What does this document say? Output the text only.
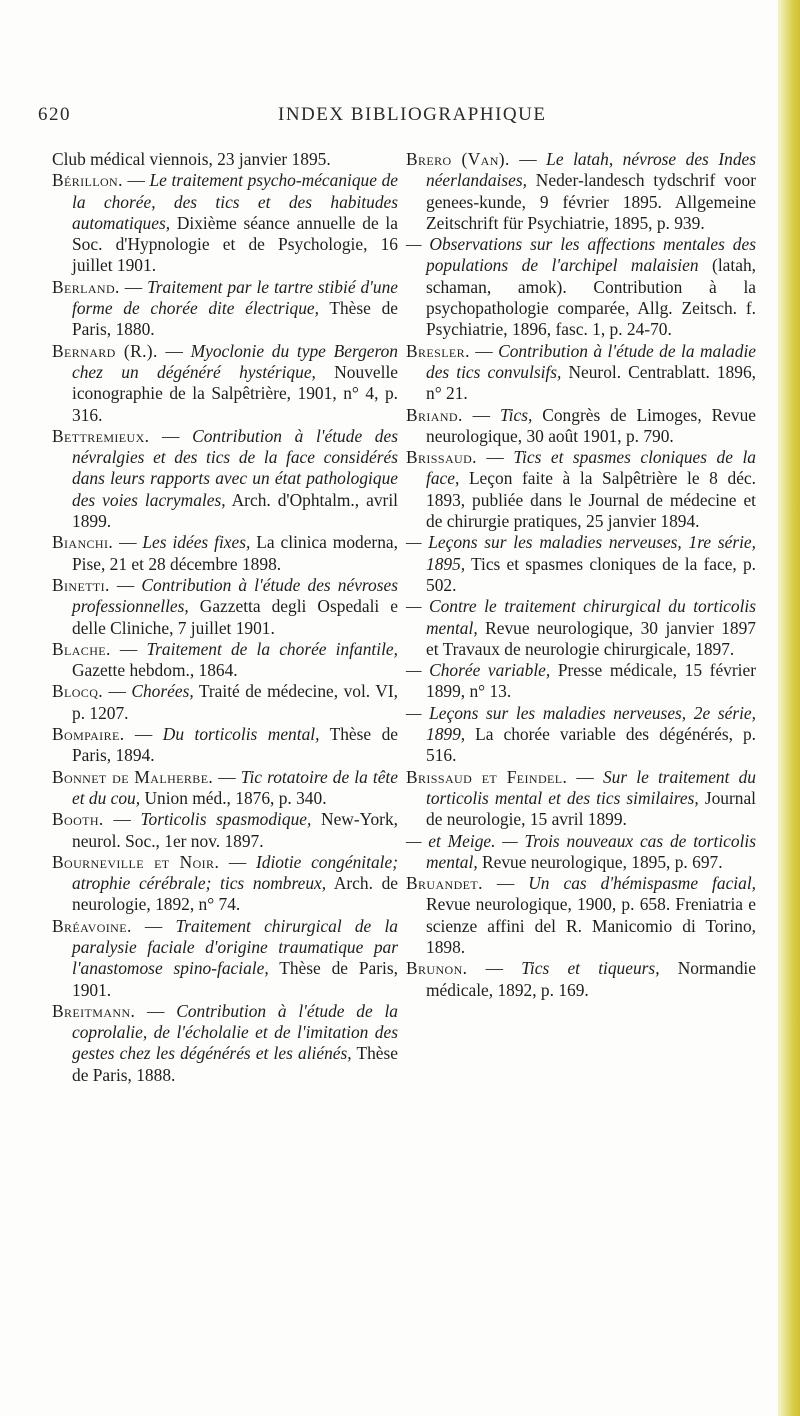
620	INDEX BIBLIOGRAPHIQUE

Club médical viennois, 23 janvier 1895.

Bérillon. — Le traitement psycho-mécanique de la chorée, des tics et des habitudes automatiques, Dixième séance annuelle de la Soc. d'Hypnologie et de Psychologie, 16 juillet 1901.

Berland. — Traitement par le tartre stibié d'une forme de chorée dite électrique, Thèse de Paris, 1880.

Bernard (R.). — Myoclonie du type Bergeron chez un dégénéré hystérique, Nouvelle iconographie de la Salpêtrière, 1901, n° 4, p. 316.

Bettremieux. — Contribution à l'étude des névralgies et des tics de la face considérés dans leurs rapports avec un état pathologique des voies lacrymales, Arch. d'Ophtalm., avril 1899.

Bianchi. — Les idées fixes, La clinica moderna, Pise, 21 et 28 décembre 1898.

Binetti. — Contribution à l'étude des névroses professionnelles, Gazzetta degli Ospedali e delle Cliniche, 7 juillet 1901.

Blache. — Traitement de la chorée infantile, Gazette hebdom., 1864.

Blocq. — Chorées, Traité de médecine, vol. VI, p. 1207.

Bompaire. — Du torticolis mental, Thèse de Paris, 1894.

Bonnet de Malherbe. — Tic rotatoire de la tête et du cou, Union méd., 1876, p. 340.

Booth. — Torticolis spasmodique, New-York, neurol. Soc., 1er nov. 1897.

Bourneville et Noir. — Idiotie congénitale; atrophie cérébrale; tics nombreux, Arch. de neurologie, 1892, n° 74.

Bréavoine. — Traitement chirurgical de la paralysie faciale d'origine traumatique par l'anastomose spino-faciale, Thèse de Paris, 1901.

Breitmann. — Contribution à l'étude de la coprolalie, de l'écholalie et de l'imitation des gestes chez les dégénérés et les aliénés, Thèse de Paris, 1888.

Brero (Van). — Le latah, névrose des Indes néerlandaises, Neder-landesch tydschrif voor genees-kunde, 9 février 1895. Allgemeine Zeitschrift für Psychiatrie, 1895, p. 939.

— Observations sur les affections mentales des populations de l'archipel malaisien (latah, schaman, amok). Contribution à la psychopathologie comparée, Allg. Zeitsch. f. Psychiatrie, 1896, fasc. 1, p. 24-70.

Bresler. — Contribution à l'étude de la maladie des tics convulsifs, Neurol. Centrablatt. 1896, n° 21.

Briand. — Tics, Congrès de Limoges, Revue neurologique, 30 août 1901, p. 790.

Brissaud. — Tics et spasmes cloniques de la face, Leçon faite à la Salpêtrière le 8 déc. 1893, publiée dans le Journal de médecine et de chirurgie pratiques, 25 janvier 1894.

— Leçons sur les maladies nerveuses, 1re série, 1895, Tics et spasmes cloniques de la face, p. 502.

— Contre le traitement chirurgical du torticolis mental, Revue neurologique, 30 janvier 1897 et Travaux de neurologie chirurgicale, 1897.

— Chorée variable, Presse médicale, 15 février 1899, n° 13.

— Leçons sur les maladies nerveuses, 2e série, 1899, La chorée variable des dégénérés, p. 516.

Brissaud et Feindel. — Sur le traitement du torticolis mental et des tics similaires, Journal de neurologie, 15 avril 1899.

— et Meige. — Trois nouveaux cas de torticolis mental, Revue neurologique, 1895, p. 697.

Bruandet. — Un cas d'hémispasme facial, Revue neurologique, 1900, p. 658. Freniatria e scienze affini del R. Manicomio di Torino, 1898.

Brunon. — Tics et tiqueurs, Normandie médicale, 1892, p. 169.
